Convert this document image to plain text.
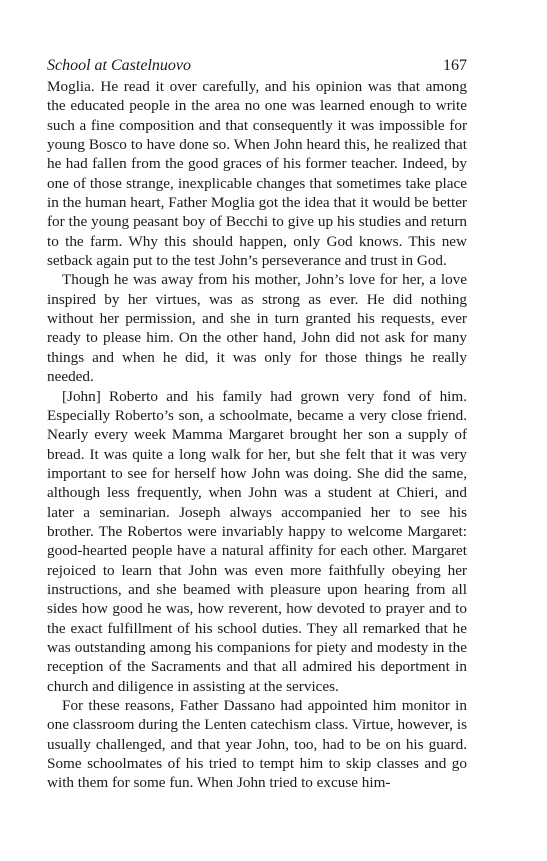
School at Castelnuovo	167

Moglia. He read it over carefully, and his opinion was that among the educated people in the area no one was learned enough to write such a fine composition and that consequently it was impossible for young Bosco to have done so. When John heard this, he realized that he had fallen from the good graces of his former teacher. Indeed, by one of those strange, inexplicable changes that sometimes take place in the human heart, Father Moglia got the idea that it would be better for the young peasant boy of Becchi to give up his studies and return to the farm. Why this should happen, only God knows. This new setback again put to the test John’s perseverance and trust in God.

Though he was away from his mother, John’s love for her, a love inspired by her virtues, was as strong as ever. He did nothing without her permission, and she in turn granted his requests, ever ready to please him. On the other hand, John did not ask for many things and when he did, it was only for those things he really needed.

[John] Roberto and his family had grown very fond of him. Especially Roberto’s son, a schoolmate, became a very close friend. Nearly every week Mamma Margaret brought her son a supply of bread. It was quite a long walk for her, but she felt that it was very important to see for herself how John was doing. She did the same, although less frequently, when John was a student at Chieri, and later a seminarian. Joseph always accompanied her to see his brother. The Robertos were invariably happy to welcome Margaret: good-hearted people have a natural affinity for each other. Margaret rejoiced to learn that John was even more faithfully obeying her instructions, and she beamed with pleasure upon hearing from all sides how good he was, how reverent, how devoted to prayer and to the exact fulfillment of his school duties. They all remarked that he was outstanding among his companions for piety and modesty in the reception of the Sacraments and that all admired his deportment in church and diligence in assisting at the services.

For these reasons, Father Dassano had appointed him monitor in one classroom during the Lenten catechism class. Virtue, however, is usually challenged, and that year John, too, had to be on his guard. Some schoolmates of his tried to tempt him to skip classes and go with them for some fun. When John tried to excuse him-
